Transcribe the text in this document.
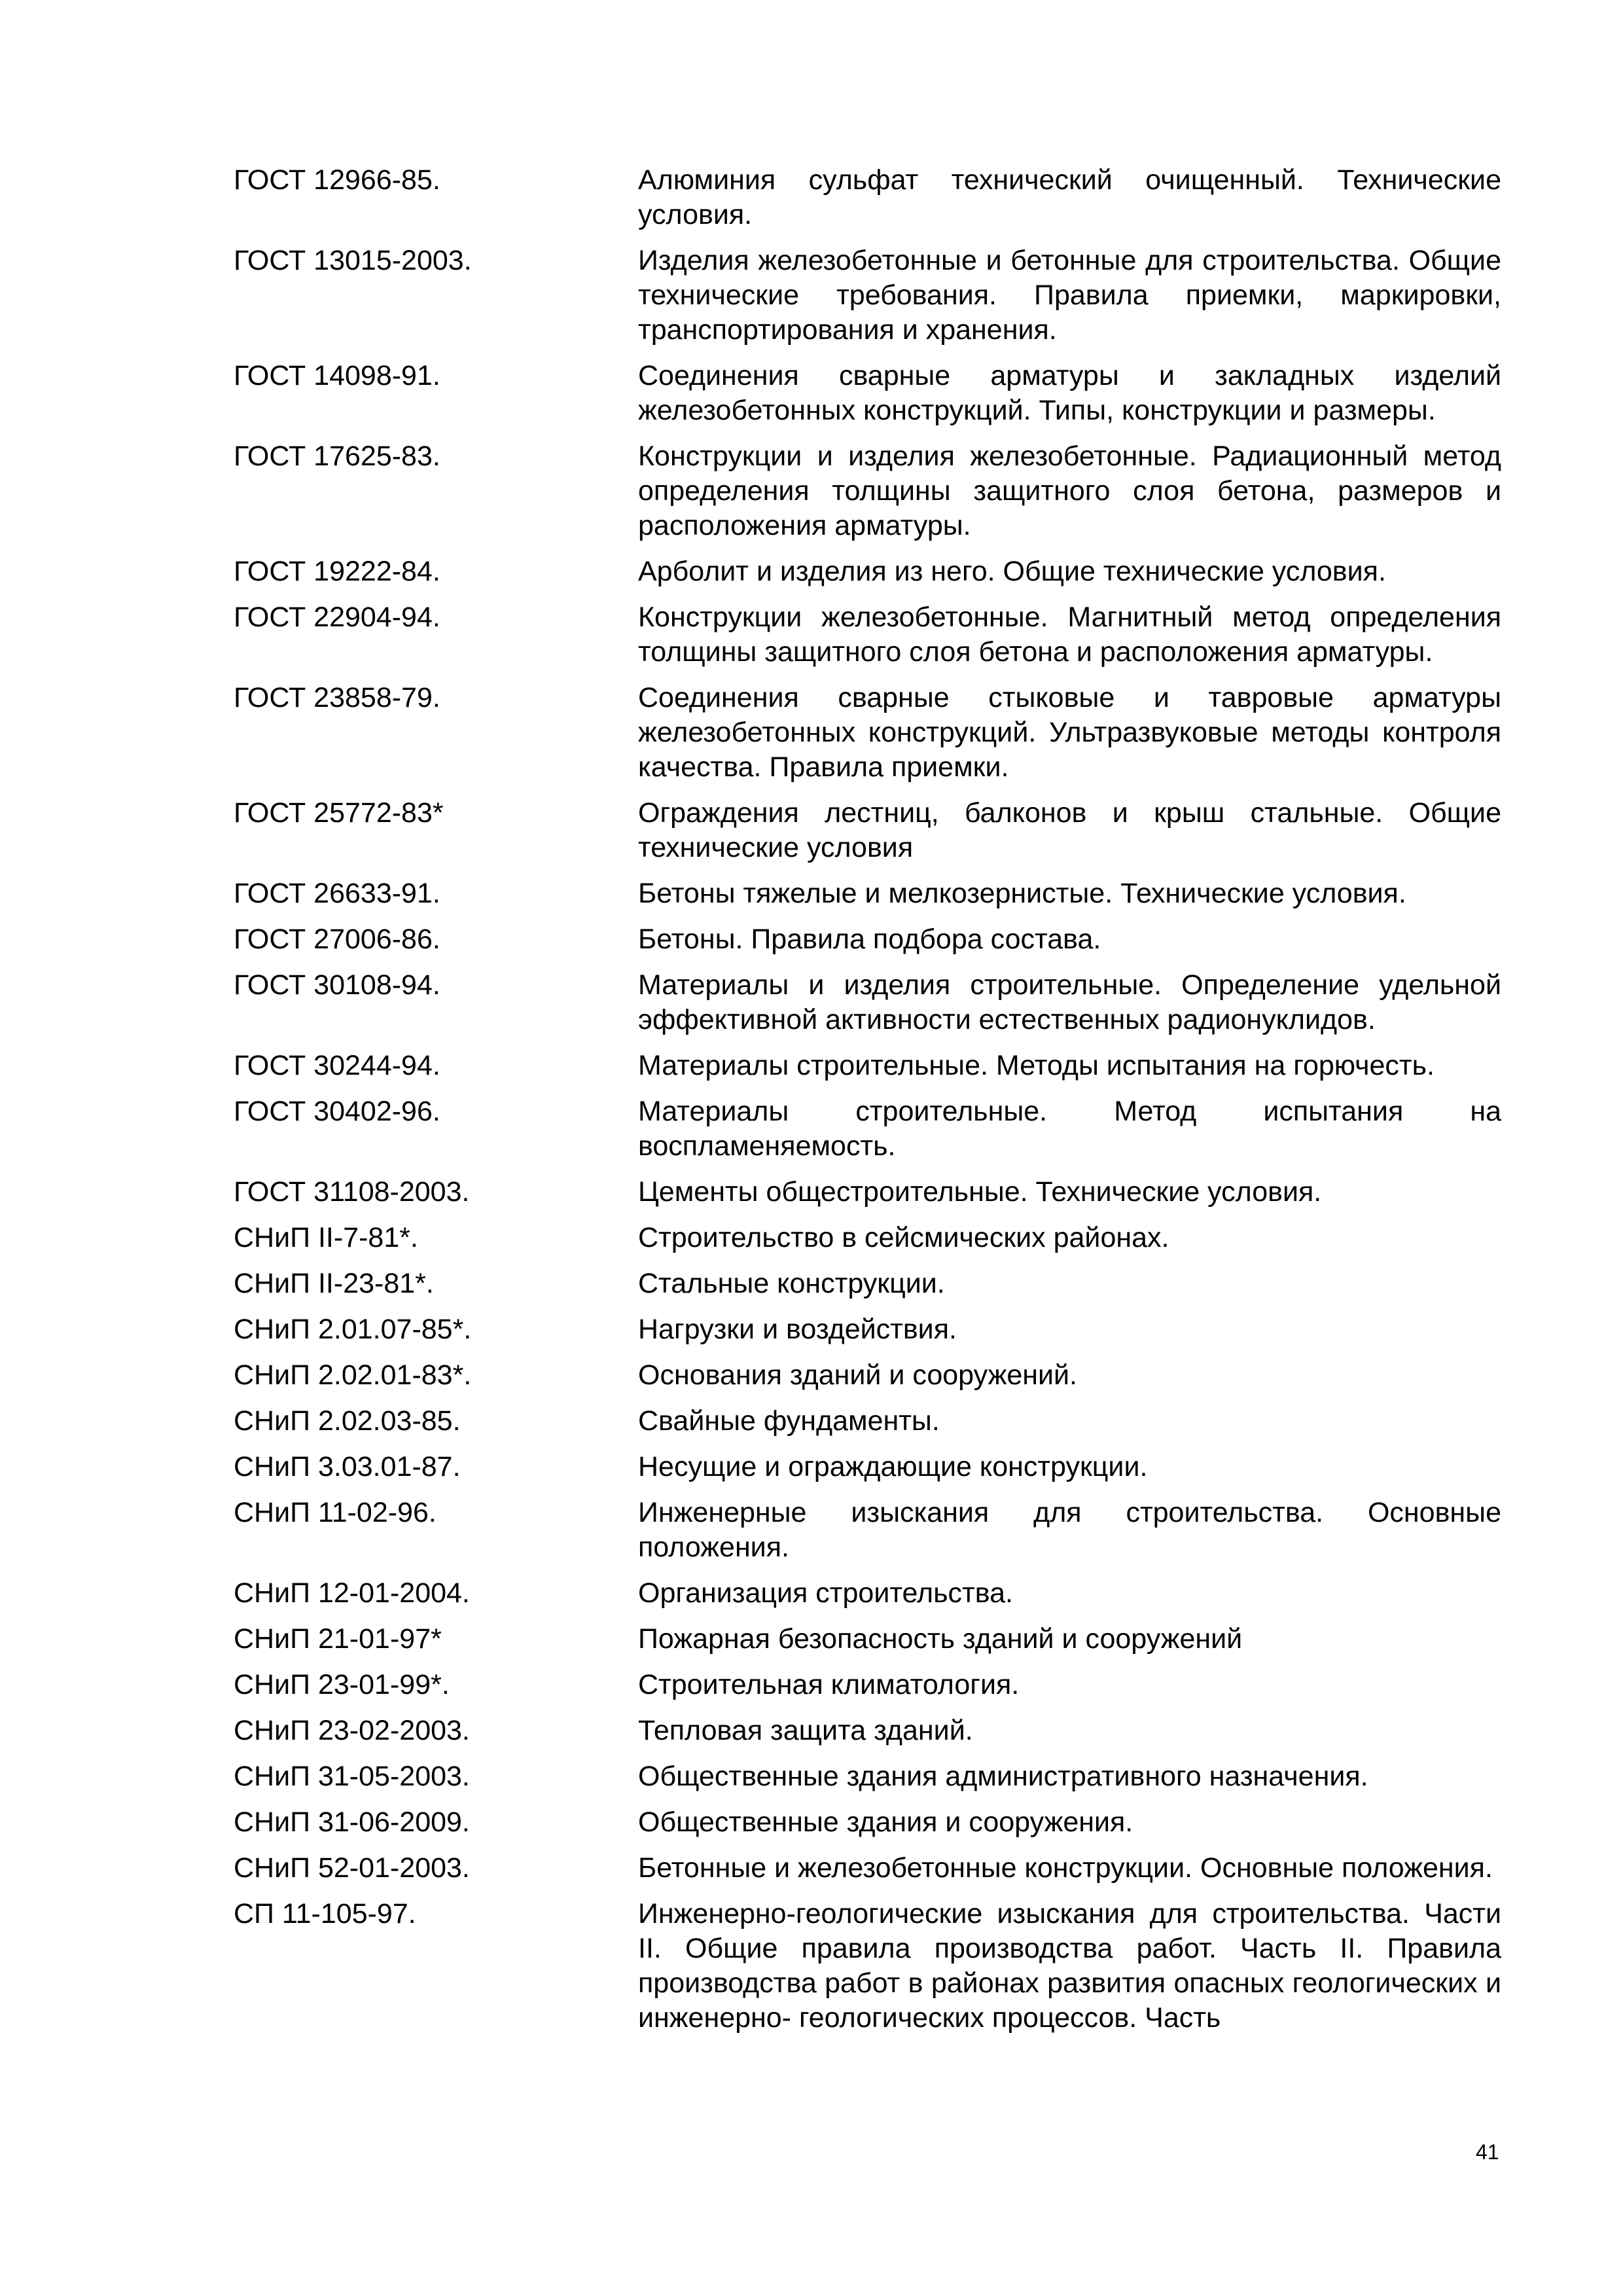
ГОСТ 12966-85.	Алюминия сульфат технический очищенный. Технические условия.
ГОСТ 13015-2003.	Изделия железобетонные и бетонные для строительства. Общие технические требования. Правила приемки, маркировки, транспортирования и хранения.
ГОСТ 14098-91.	Соединения сварные арматуры и закладных изделий железобетонных конструкций. Типы, конструкции и размеры.
ГОСТ 17625-83.	Конструкции и изделия железобетонные. Радиационный метод определения толщины защитного слоя бетона, размеров и расположения арматуры.
ГОСТ 19222-84.	Арболит и изделия из него. Общие технические условия.
ГОСТ 22904-94.	Конструкции железобетонные. Магнитный метод определения толщины защитного слоя бетона и расположения арматуры.
ГОСТ 23858-79.	Соединения сварные стыковые и тавровые арматуры железобетонных конструкций. Ультразвуковые методы контроля качества. Правила приемки.
ГОСТ 25772-83*	Ограждения лестниц, балконов и крыш стальные. Общие технические условия
ГОСТ 26633-91.	Бетоны тяжелые и мелкозернистые. Технические условия.
ГОСТ 27006-86.	Бетоны. Правила подбора состава.
ГОСТ 30108-94.	Материалы и изделия строительные. Определение удельной эффективной активности естественных радионуклидов.
ГОСТ 30244-94.	Материалы строительные. Методы испытания на горючесть.
ГОСТ 30402-96.	Материалы строительные. Метод испытания на воспламеняемость.
ГОСТ 31108-2003.	Цементы общестроительные. Технические условия.
СНиП II-7-81*.	Строительство в сейсмических районах.
СНиП II-23-81*.	Стальные конструкции.
СНиП 2.01.07-85*.	Нагрузки и воздействия.
СНиП 2.02.01-83*.	Основания зданий и сооружений.
СНиП 2.02.03-85.	Свайные фундаменты.
СНиП 3.03.01-87.	Несущие и ограждающие конструкции.
СНиП 11-02-96.	Инженерные изыскания для строительства. Основные положения.
СНиП 12-01-2004.	Организация строительства.
СНиП 21-01-97*	Пожарная безопасность зданий и сооружений
СНиП 23-01-99*.	Строительная климатология.
СНиП 23-02-2003.	Тепловая защита зданий.
СНиП 31-05-2003.	Общественные здания административного назначения.
СНиП 31-06-2009.	Общественные здания и сооружения.
СНиП 52-01-2003.	Бетонные и железобетонные конструкции. Основные положения.
СП 11-105-97.	Инженерно-геологические изыскания для строительства. Части II. Общие правила производства работ. Часть II. Правила производства работ в районах развития опасных геологических и инженерно- геологических процессов. Часть
41
